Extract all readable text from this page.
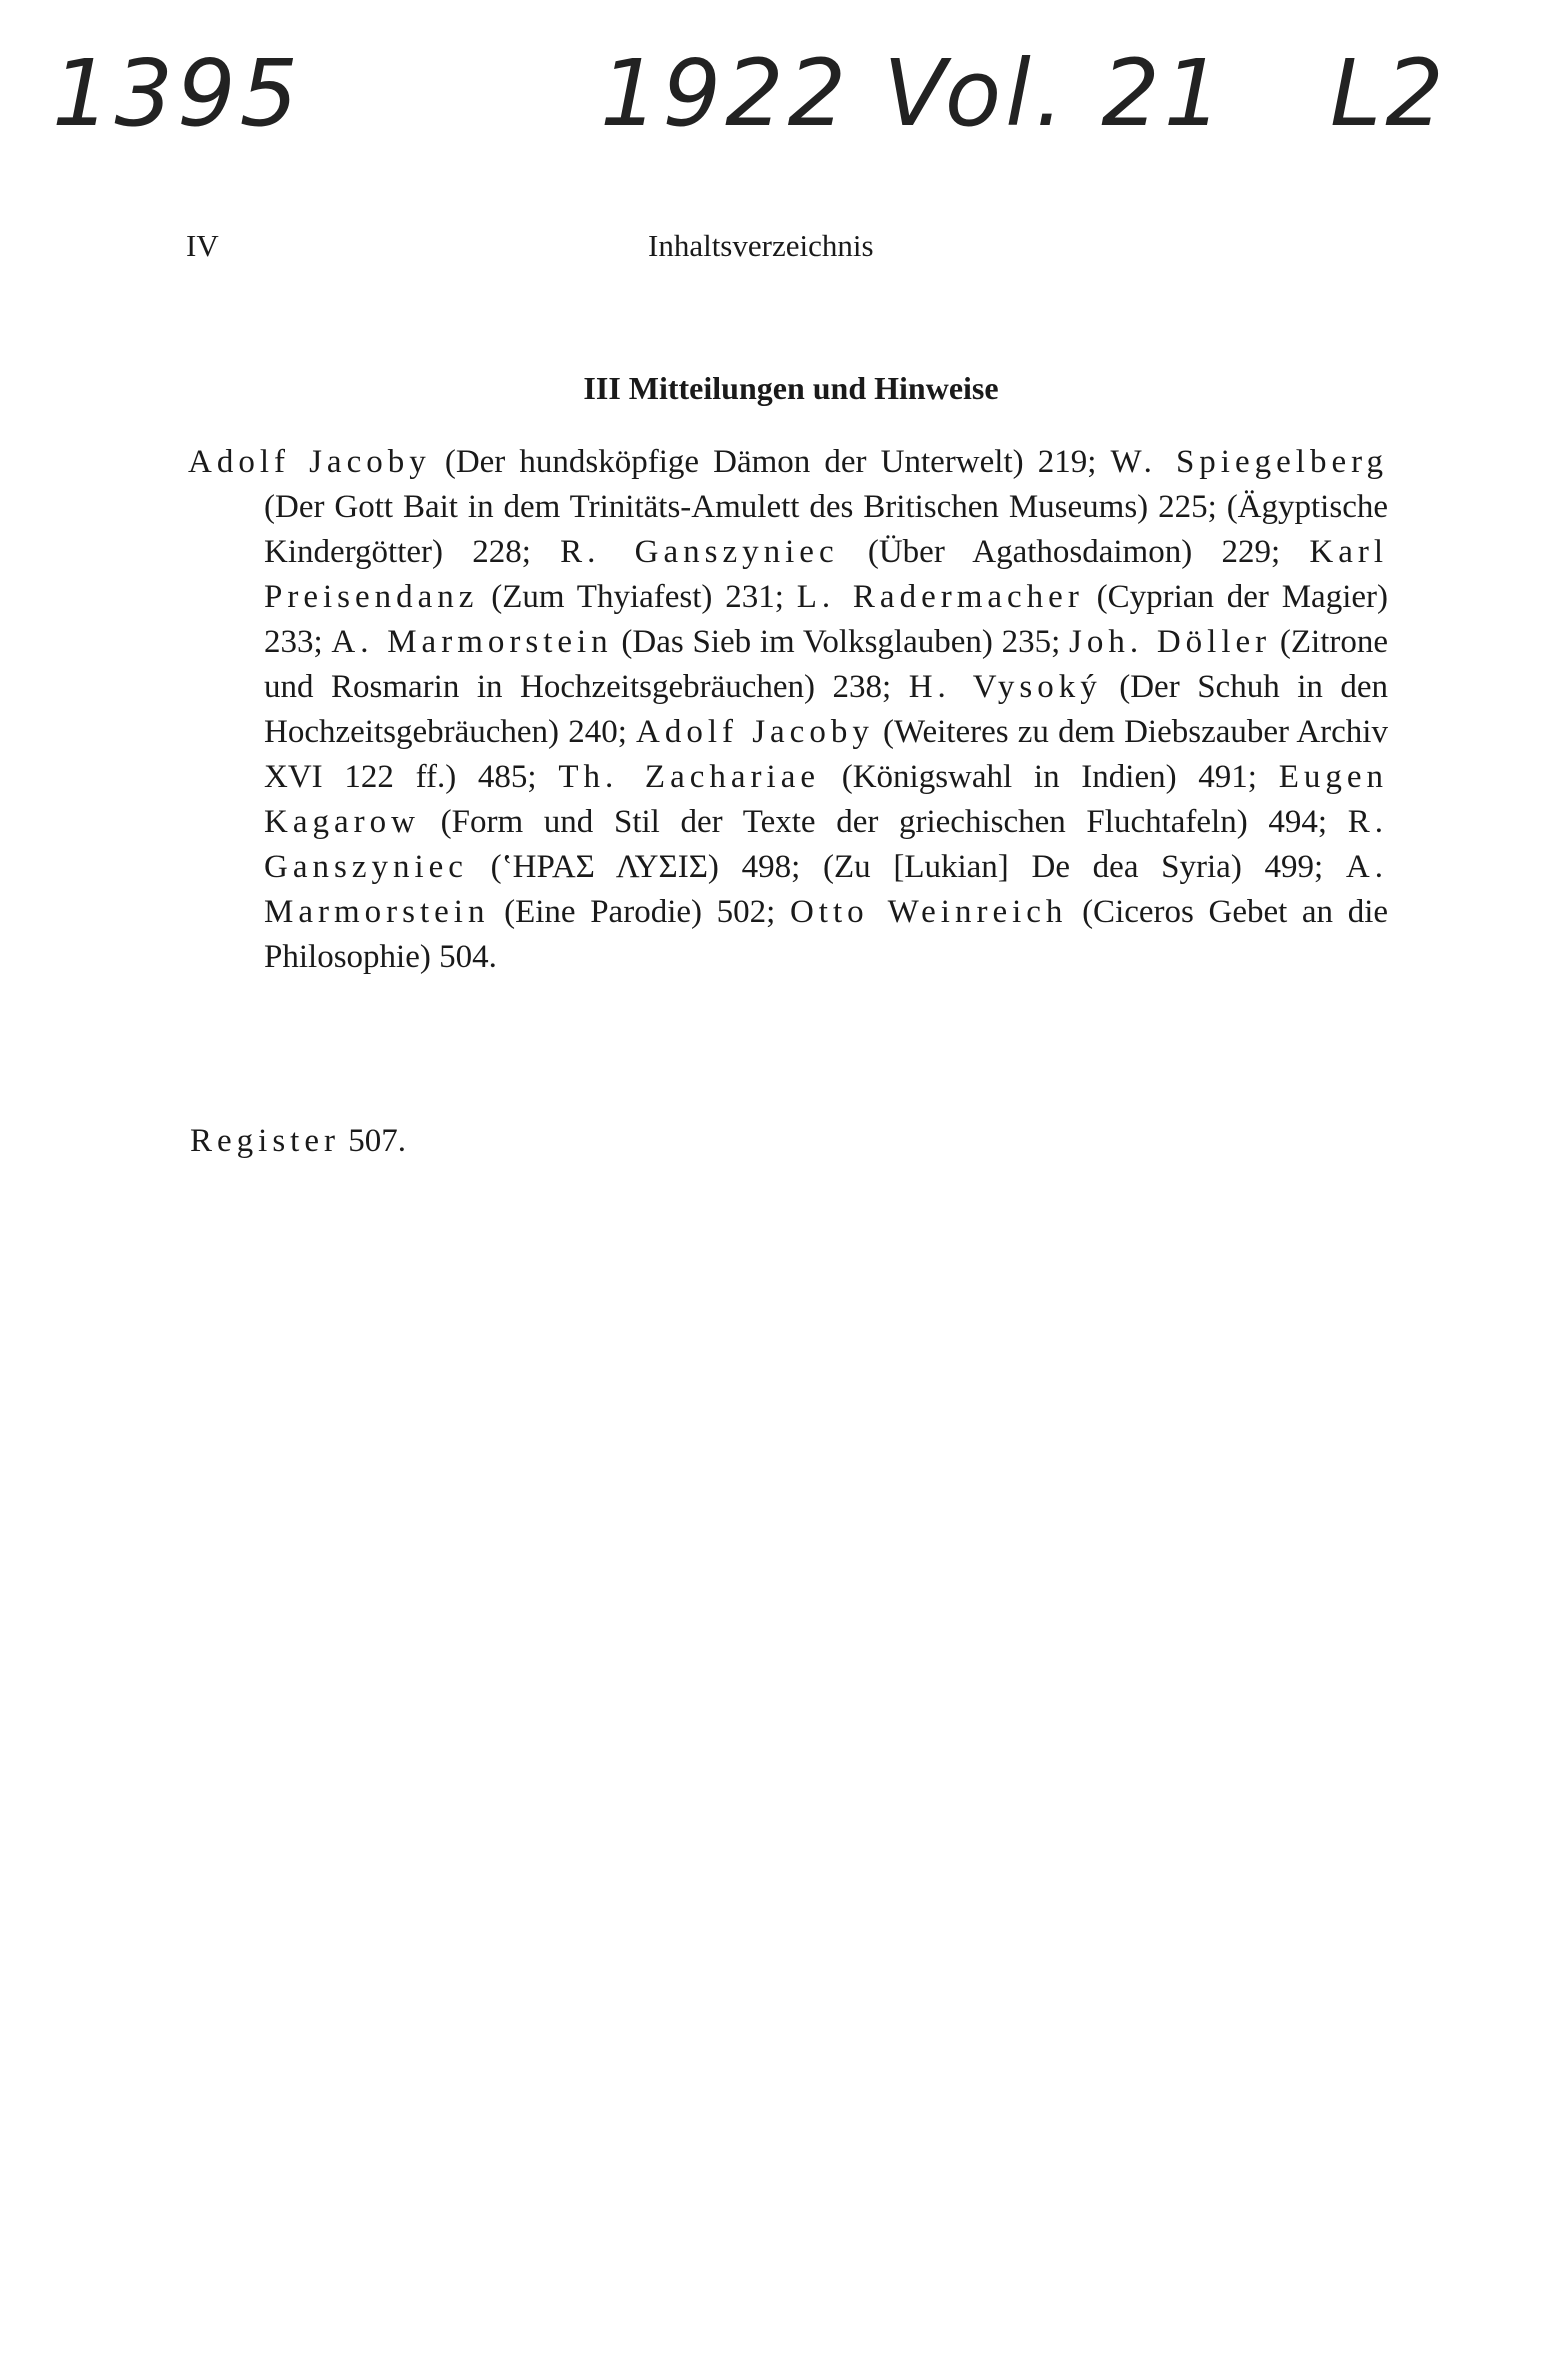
1395	1922 Vol. 21 L2
IV	Inhaltsverzeichnis
III Mitteilungen und Hinweise

Adolf Jacoby (Der hundsköpfige Dämon der Unterwelt) 219; W. Spiegelberg (Der Gott Bait in dem Trinitäts-Amulett des Britischen Museums) 225; (Ägyptische Kindergötter) 228; R. Ganszyniec (Über Agathosdaimon) 229; Karl Preisendanz (Zum Thyiafest) 231; L. Radermacher (Cyprian der Magier) 233; A. Marmorstein (Das Sieb im Volksglauben) 235; Joh. Döller (Zitrone und Rosmarin in Hochzeitsgebräuchen) 238; H. Vysoký (Der Schuh in den Hochzeitsgebräuchen) 240; Adolf Jacoby (Weiteres zu dem Diebszauber Archiv XVI 122 ff.) 485; Th. Zachariae (Königswahl in Indien) 491; Eugen Kagarow (Form und Stil der Texte der griechischen Fluchtafeln) 494; R. Ganszyniec (ʽΗΡΑΣ ΛΥΣΙΣ) 498; (Zu [Lukian] De dea Syria) 499; A. Marmorstein (Eine Parodie) 502; Otto Weinreich (Ciceros Gebet an die Philosophie) 504.

Register 507.
